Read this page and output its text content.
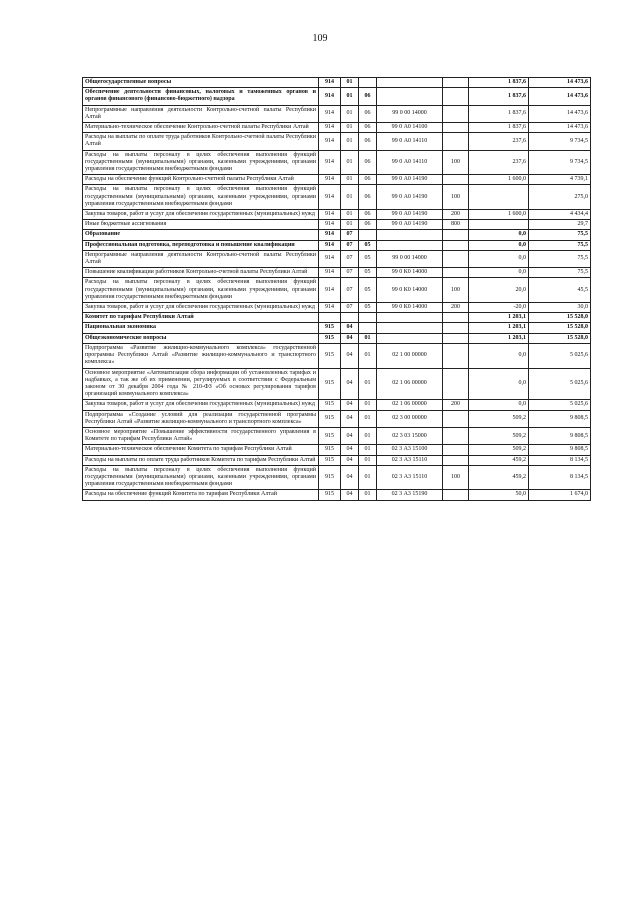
109
Общегосударственные вопросы	914	01				1 837,6	14 473,6
Обеспечение деятельности финансовых, налоговых и таможенных органов и органов финансового (финансово-бюджетного) надзора	914	01	06			1 837,6	14 473,6
Непрограммные направления деятельности Контрольно-счетной палаты Республики Алтай	914	01	06	99 0 00 14000		1 837,6	14 473,6
Материально-техническое обеспечение Контрольно-счетной палаты Республики Алтай	914	01	06	99 0 А0 14100		1 837,6	14 473,6
Расходы на выплаты по оплате труда работников Контрольно-счетной палаты Республики Алтай	914	01	06	99 0 А0 14110		237,6	9 734,5
Расходы на выплаты персоналу в целях обеспечения выполнения функций государственными (муниципальными) органами, казенными учреждениями, органами управления государственными внебюджетными фондами	914	01	06	99 0 А0 14110	100	237,6	9 734,5
Расходы на обеспечение функций Контрольно-счетной палаты Республики Алтай	914	01	06	99 0 А0 14190		1 600,0	4 739,1
Расходы на выплаты персоналу в целях обеспечения выполнения функций государственными (муниципальными) органами, казенными учреждениями, органами управления государственными внебюджетными фондами	914	01	06	99 0 А0 14190	100		275,0
Закупка товаров, работ и услуг для обеспечения государственных (муниципальных) нужд	914	01	06	99 0 А0 14190	200	1 600,0	4 434,4
Иные бюджетные ассигнования	914	01	06	99 0 А0 14190	800		29,7
Образование	914	07				0,0	75,5
Профессиональная подготовка, переподготовка и повышение квалификации	914	07	05			0,0	75,5
Непрограммные направления деятельности Контрольно-счетной палаты Республики Алтай	914	07	05	99 0 00 14000		0,0	75,5
Повышение квалификации работников Контрольно-счетной палаты Республики Алтай	914	07	05	99 0 К0 14000		0,0	75,5
Расходы на выплаты персоналу в целях обеспечения выполнения функций государственными (муниципальными) органами, казенными учреждениями, органами управления государственными внебюджетными фондами	914	07	05	99 0 К0 14000	100	20,0	45,5
Закупка товаров, работ и услуг для обеспечения государственных (муниципальных) нужд	914	07	05	99 0 К0 14000	200	-20,0	30,0
Комитет по тарифам Республики Алтай						1 203,1	15 528,0
Национальная экономика	915	04				1 203,1	15 528,0
Общеэкономические вопросы	915	04	01			1 203,1	15 528,0
Подпрограмма «Развитие жилищно-коммунального комплекса» государственной программы Республики Алтай «Развитие жилищно-коммунального и транспортного комплекса»	915	04	01	02 1 00 00000		0,0	5 025,6
Основное мероприятие «Автоматизация сбора информации об установленных тарифах и надбавках, а так же об их применении, регулируемых в соответствии с Федеральным законом от 30 декабря 2004 года № 210-ФЗ «Об основах регулирования тарифов организаций коммунального комплекса»	915	04	01	02 1 06 00000		0,0	5 025,6
Закупка товаров, работ и услуг для обеспечения государственных (муниципальных) нужд	915	04	01	02 1 06 00000	200	0,0	5 025,6
Подпрограмма «Создание условий для реализации государственной программы Республики Алтай «Развитие жилищно-коммунального и транспортного комплекса»	915	04	01	02 3 00 00000		509,2	9 808,5
Основное мероприятие «Повышение эффективности государственного управления в Комитете по тарифам Республики Алтай»	915	04	01	02 3 03 15000		509,2	9 808,5
Материально-техническое обеспечение Комитета по тарифам Республики Алтай	915	04	01	02 3 А3 15100		509,2	9 808,5
Расходы на выплаты по оплате труда работников Комитета по тарифам Республики Алтай	915	04	01	02 3 А3 15110		459,2	8 134,5
Расходы на выплаты персоналу в целях обеспечения выполнения функций государственными (муниципальными) органами, казенными учреждениями, органами управления государственными внебюджетными фондами	915	04	01	02 3 А3 15110	100	459,2	8 134,5
Расходы на обеспечение функций Комитета по тарифам Республики Алтай	915	04	01	02 3 А3 15190		50,0	1 674,0
